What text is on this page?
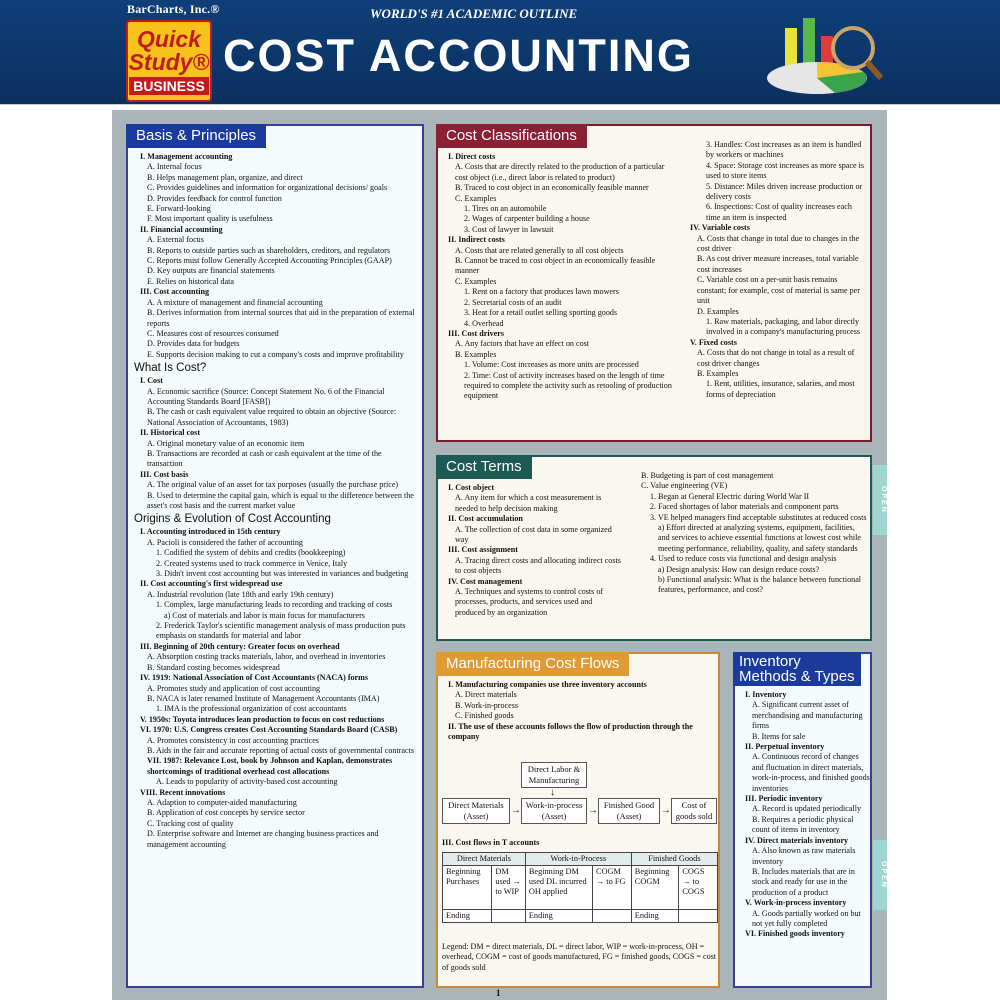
BarCharts, Inc.®
Quick
Study®
BUSINESS
WORLD'S #1 ACADEMIC OUTLINE
COST ACCOUNTING
Basis & Principles
I. Management accounting
A. Internal focus
B. Helps management plan, organize, and direct
C. Provides guidelines and information for organizational decisions/ goals
D. Provides feedback for control function
E. Forward-looking
F. Most important quality is usefulness
II. Financial accounting
A. External focus
B. Reports to outside parties such as shareholders, creditors, and regulators
C. Reports must follow Generally Accepted Accounting Principles (GAAP)
D. Key outputs are financial statements
E. Relies on historical data
III. Cost accounting
A. A mixture of management and financial accounting
B. Derives information from internal sources that aid in the preparation of external reports
C. Measures cost of resources consumed
D. Provides data for budgets
E. Supports decision making to cut a company's costs and improve profitability
What Is Cost?
I. Cost
A. Economic sacrifice (Source: Concept Statement No. 6 of the Financial Accounting Standards Board [FASB])
B. The cash or cash equivalent value required to obtain an objective (Source: National Association of Accountants, 1983)
II. Historical cost
A. Original monetary value of an economic item
B. Transactions are recorded at cash or cash equivalent at the time of the transaction
III. Cost basis
A. The original value of an asset for tax purposes (usually the purchase price)
B. Used to determine the capital gain, which is equal to the difference between the asset's cost basis and the current market value
Origins & Evolution of Cost Accounting
I. Accounting introduced in 15th century
A. Pacioli is considered the father of accounting
1. Codified the system of debits and credits (bookkeeping)
2. Created systems used to track commerce in Venice, Italy
3. Didn't invent cost accounting but was interested in variances and budgeting
II. Cost accounting's first widespread use
A. Industrial revolution (late 18th and early 19th century)
1. Complex, large manufacturing leads to recording and tracking of costs
a) Cost of materials and labor is main focus for manufacturers
2. Frederick Taylor's scientific management analysis of mass production puts emphasis on standards for material and labor
III. Beginning of 20th century: Greater focus on overhead
A. Absorption costing tracks materials, labor, and overhead in inventories
B. Standard costing becomes widespread
IV. 1919: National Association of Cost Accountants (NACA) forms
A. Promotes study and application of cost accounting
B. NACA is later renamed Institute of Management Accountants (IMA)
1. IMA is the professional organization of cost accountants
V. 1950s: Toyota introduces lean production to focus on cost reductions
VI. 1970: U.S. Congress creates Cost Accounting Standards Board (CASB)
A. Promotes consistency in cost accounting practices
B. Aids in the fair and accurate reporting of actual costs of governmental contracts
VII. 1987: Relevance Lost, book by Johnson and Kaplan, demonstrates shortcomings of traditional overhead cost allocations
A. Leads to popularity of activity-based cost accounting
VIII. Recent innovations
A. Adaption to computer-aided manufacturing
B. Application of cost concepts by service sector
C. Tracking cost of quality
D. Enterprise software and Internet are changing business practices and management accounting
Cost Classifications
I. Direct costs
A. Costs that are directly related to the production of a particular cost object (i.e., direct labor is related to product)
B. Traced to cost object in an economically feasible manner
C. Examples
1. Tires on an automobile
2. Wages of carpenter building a house
3. Cost of lawyer in lawsuit
II. Indirect costs
A. Costs that are related generally to all cost objects
B. Cannot be traced to cost object in an economically feasible manner
C. Examples
1. Rent on a factory that produces lawn mowers
2. Secretarial costs of an audit
3. Heat for a retail outlet selling sporting goods
4. Overhead
III. Cost drivers
A. Any factors that have an effect on cost
B. Examples
1. Volume: Cost increases as more units are processed
2. Time: Cost of activity increases based on the length of time required to complete the activity such as retooling of production equipment
3. Handles: Cost increases as an item is handled by workers or machines
4. Space: Storage cost increases as more space is used to store items
5. Distance: Miles driven increase production or delivery costs
6. Inspections: Cost of quality increases each time an item is inspected
IV. Variable costs
A. Costs that change in total due to changes in the cost driver
B. As cost driver measure increases, total variable cost increases
C. Variable cost on a per-unit basis remains constant; for example, cost of material is same per unit
D. Examples
1. Raw materials, packaging, and labor directly involved in a company's manufacturing process
V. Fixed costs
A. Costs that do not change in total as a result of cost driver changes
B. Examples
1. Rent, utilities, insurance, salaries, and most forms of depreciation
Cost Terms
I. Cost object
A. Any item for which a cost measurement is needed to help decision making
II. Cost accumulation
A. The collection of cost data in some organized way
III. Cost assignment
A. Tracing direct costs and allocating indirect costs to cost objects
IV. Cost management
A. Techniques and systems to control costs of processes, products, and services used and produced by an organization
B. Budgeting is part of cost management
C. Value engineering (VE)
1. Began at General Electric during World War II
2. Faced shortages of labor materials and component parts
3. VE helped managers find acceptable substitutes at reduced costs
a) Effort directed at analyzing systems, equipment, facilities, and services to achieve essential functions at lowest cost while meeting performance, reliability, quality, and safety standards
4. Used to reduce costs via functional and design analysis
a) Design analysis: How can design reduce costs?
b) Functional analysis: What is the balance between functional features, performance, and cost?
OPEN
Manufacturing Cost Flows
I. Manufacturing companies use three inventory accounts
A. Direct materials
B. Work-in-process
C. Finished goods
II. The use of these accounts follows the flow of production through the company
Direct Labor & Manufacturing
↓
Direct Materials (Asset)	→ Work-in-process (Asset)	→ Finished Good (Asset)	→	Cost of goods sold
III. Cost flows in T accounts
Direct Materials		Work-in-Process		Finished Goods	
Beginning Purchases	DM used → to WIP	Beginning DM used DL incurred OH applied	COGM → to FG	Beginning COGM	COGS → to COGS
Ending		Ending		Ending	
Legend: DM = direct materials, DL = direct labor, WIP = work-in-process, OH = overhead, COGM = cost of goods manufactured, FG = finished goods, COGS = cost of goods sold
Inventory Methods & Types
I. Inventory
A. Significant current asset of merchandising and manufacturing firms
B. Items for sale
II. Perpetual inventory
A. Continuous record of changes and fluctuation in direct materials, work-in-process, and finished goods inventories
III. Periodic inventory
A. Record is updated periodically
B. Requires a periodic physical count of items in inventory
IV. Direct materials inventory
A. Also known as raw materials inventory
B. Includes materials that are in stock and ready for use in the production of a product
V. Work-in-process inventory
A. Goods partially worked on but not yet fully completed
VI. Finished goods inventory
OPEN
1
